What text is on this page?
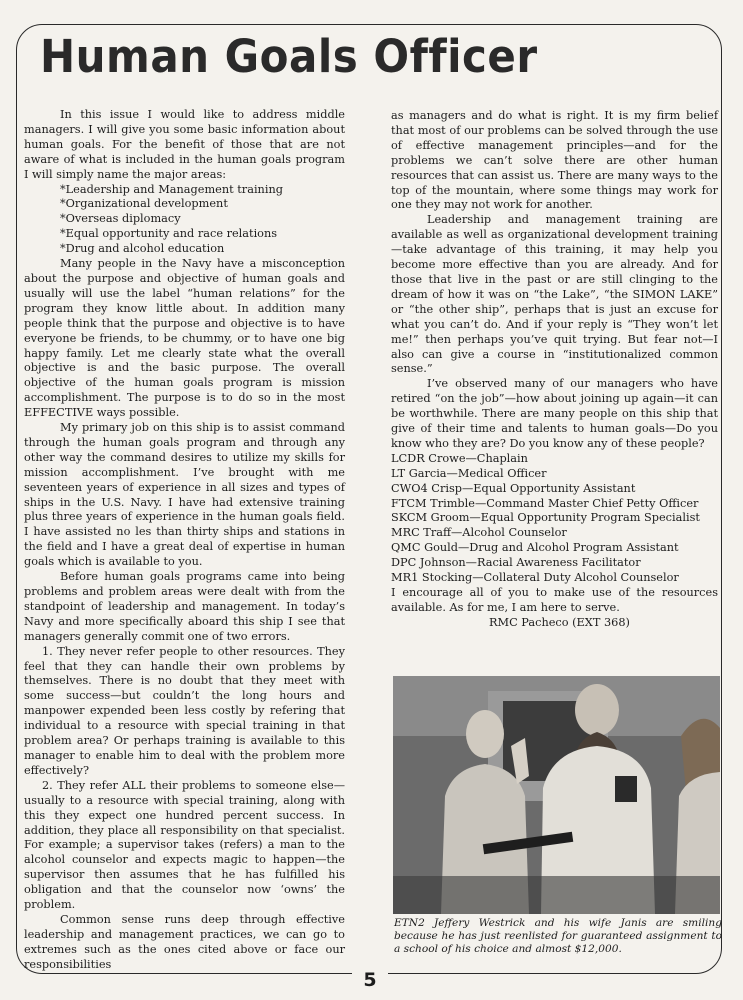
Human Goals Officer

In this issue I would like to address middle managers. I will give you some basic information about human goals. For the benefit of those that are not aware of what is included in the human goals program I will simply name the major areas:

*Leadership and Management training
*Organizational development
*Overseas diplomacy
*Equal opportunity and race relations
*Drug and alcohol education

Many people in the Navy have a misconception about the purpose and objective of human goals and usually will use the label “human relations” for the program they know little about. In addition many people think that the purpose and objective is to have everyone be friends, to be chummy, or to have one big happy family. Let me clearly state what the overall objective is and the basic purpose. The overall objective of the human goals program is mission accomplishment. The purpose is to do so in the most EFFECTIVE ways possible.

My primary job on this ship is to assist command through the human goals program and through any other way the command desires to utilize my skills for mission accomplishment. I’ve brought with me seventeen years of experience in all sizes and types of ships in the U.S. Navy. I have had extensive training plus three years of experience in the human goals field. I have assisted no les than thirty ships and stations in the field and I have a great deal of expertise in human goals which is available to you.

Before human goals programs came into being problems and problem areas were dealt with from the standpoint of leadership and management. In today’s Navy and more specifically aboard this ship I see that managers generally commit one of two errors.

1. They never refer people to other resources. They feel that they can handle their own problems by themselves. There is no doubt that they meet with some success—but couldn’t the long hours and manpower expended been less costly by refering that individual to a resource with special training in that problem area? Or perhaps training is available to this manager to enable him to deal with the problem more effectively?

2. They refer ALL their problems to someone else—usually to a resource with special training, along with this they expect one hundred percent success. In addition, they place all responsibility on that specialist. For example; a supervisor takes (refers) a man to the alcohol counselor and expects magic to happen—the supervisor then assumes that he has fulfilled his obligation and that the counselor now ‘owns’ the problem.

Common sense runs deep through effective leadership and management practices, we can go to extremes such as the ones cited above or face our responsibilities

as managers and do what is right. It is my firm belief that most of our problems can be solved through the use of effective management principles—and for the problems we can’t solve there are other human resources that can assist us. There are many ways to the top of the mountain, where some things may work for one they may not work for another.

Leadership and management training are available as well as organizational development training—take advantage of this training, it may help you become more effective than you are already. And for those that live in the past or are still clinging to the dream of how it was on “the Lake”, “the SIMON LAKE” or “the other ship”, perhaps that is just an excuse for what you can’t do. And if your reply is “They won’t let me!” then perhaps you’ve quit trying. But fear not—I also can give a course in “institutionalized common sense.”

I’ve observed many of our managers who have retired “on the job”—how about joining up again—it can be worthwhile. There are many people on this ship that give of their time and talents to human goals—Do you know who they are? Do you know any of these people?

LCDR Crowe—Chaplain
LT Garcia—Medical Officer
CWO4 Crisp—Equal Opportunity Assistant
FTCM Trimble—Command Master Chief Petty Officer
SKCM Groom—Equal Opportunity Program Specialist
MRC Traff—Alcohol Counselor
QMC Gould—Drug and Alcohol Program Assistant
DPC Johnson—Racial Awareness Facilitator
MR1 Stocking—Collateral Duty Alcohol Counselor

I encourage all of you to make use of the resources available. As for me, I am here to serve.

RMC Pacheco (EXT 368)

ETN2 Jeffery Westrick and his wife Janis are smiling because he has just reenlisted for guaranteed assignment to a school of his choice and almost $12,000.
5
